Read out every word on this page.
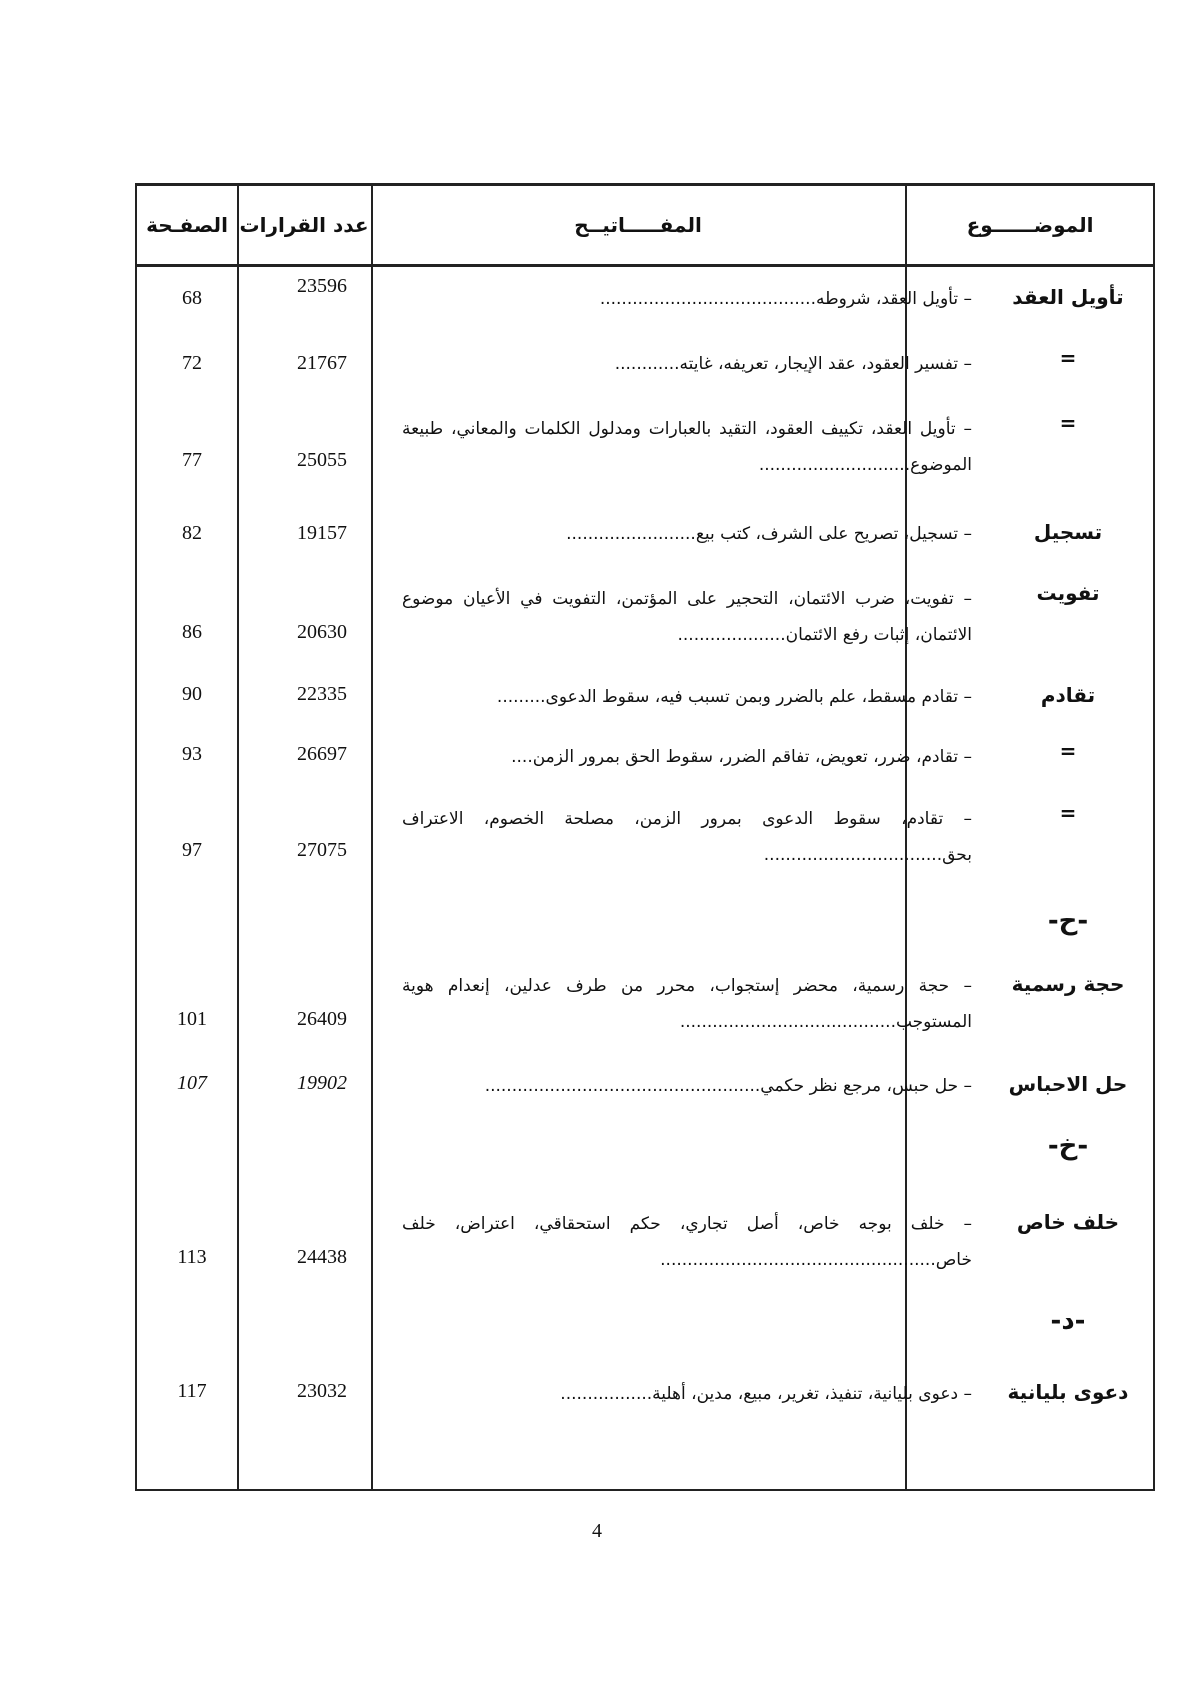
الصفـحة عدد القرارات	المفـــــاتيــح	الموضــــــوع
تأويل العقد
– تأويل العقد، شروطه........................................
23596
68
=
– تفسير العقود، عقد الإيجار، تعريفه، غايته............
21767
72
=
– تأويل العقد، تكييف العقود، التقيد بالعبارات ومدلول الكلمات والمعاني، طبيعة الموضوع............................
25055
77
تسجيل
– تسجيل، تصريح على الشرف، كتب بيع........................
19157
82
تفويت
– تفويت، ضرب الائتمان، التحجير على المؤتمن، التفويت في الأعيان موضوع الائتمان، إثبات رفع الائتمان....................
20630
86
تقادم
– تقادم مسقط، علم بالضرر وبمن تسبب فيه، سقوط الدعوى.........
22335
90
=
– تقادم، ضرر، تعويض، تفاقم الضرر، سقوط الحق بمرور الزمن....
26697
93
=
– تقادم، سقوط الدعوى بمرور الزمن، مصلحة الخصوم، الاعتراف بحق.................................
27075
97
-ح-
حجة رسمية
– حجة رسمية، محضر إستجواب، محرر من طرف عدلين، إنعدام هوية المستوجب........................................
26409
101
حل الاحباس
– حل حبس، مرجع نظر حكمي...................................................
19902
107
-خ-
خلف خاص
– خلف بوجه خاص، أصل تجاري، حكم استحقاقي، اعتراض، خلف خاص...................................................
24438
113
-د-
دعوى بليانية
– دعوى بليانية، تنفيذ، تغرير، مبيع، مدين، أهلية.................
23032
117
4
